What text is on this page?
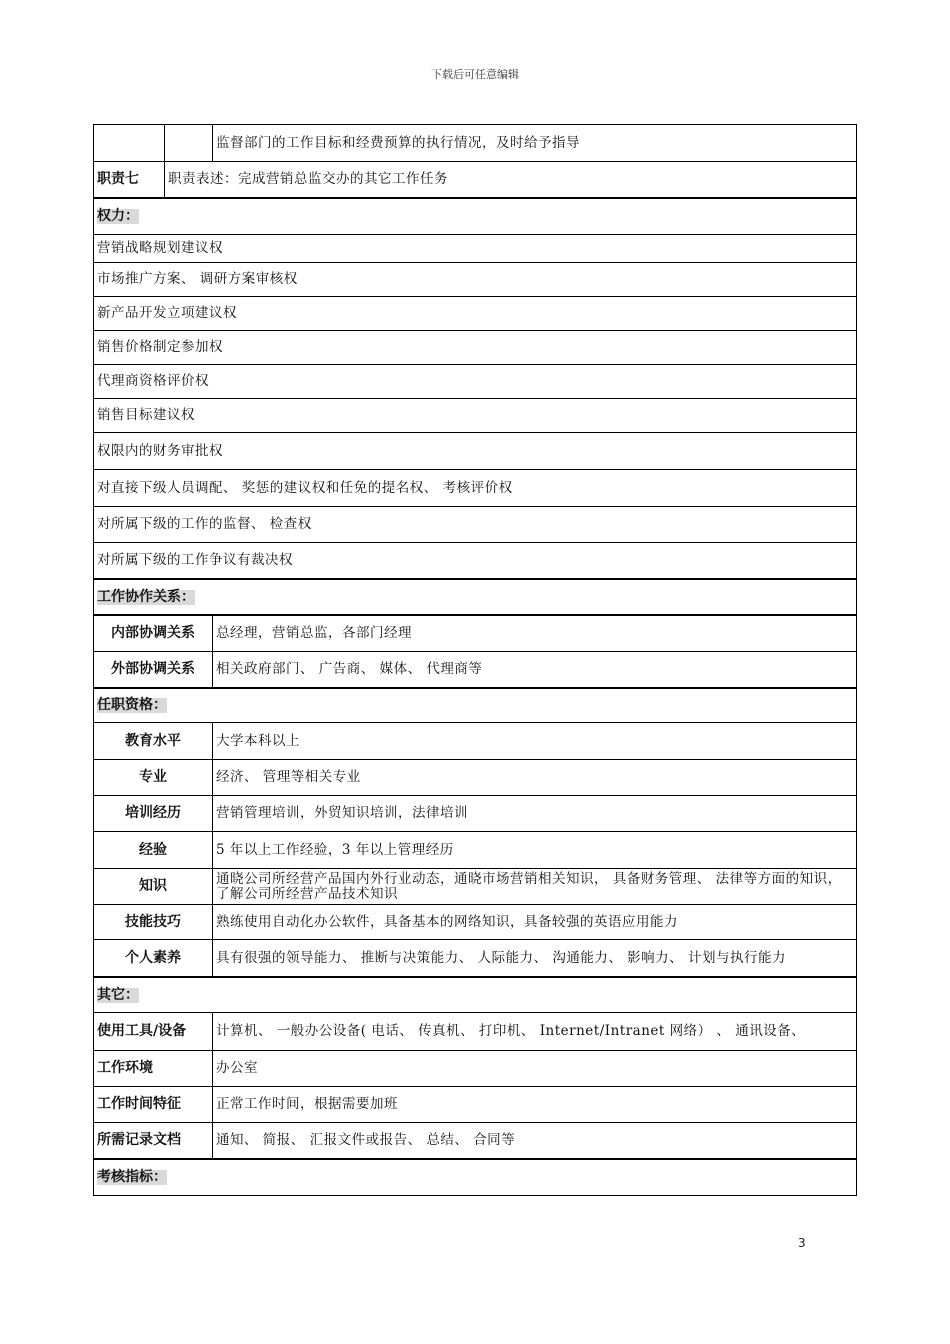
下载后可任意编辑
监督部门的工作目标和经费预算的执行情况，及时给予指导
职责七	职责表述：完成营销总监交办的其它工作任务
权力：
营销战略规划建议权
市场推广方案、 调研方案审核权
新产品开发立项建议权
销售价格制定参加权
代理商资格评价权
销售目标建议权
权限内的财务审批权
对直接下级人员调配、 奖惩的建议权和任免的提名权、 考核评价权
对所属下级的工作的监督、 检查权
对所属下级的工作争议有裁决权
工作协作关系：
内部协调关系	总经理，营销总监，各部门经理
外部协调关系	相关政府部门、 广告商、 媒体、 代理商等
任职资格：
教育水平	大学本科以上
专业	经济、 管理等相关专业
培训经历	营销管理培训，外贸知识培训，法律培训
经验	5 年以上工作经验，3 年以上管理经历
知识	通晓公司所经营产品国内外行业动态，通晓市场营销相关知识， 具备财务管理、 法律等方面的知识，了解公司所经营产品技术知识
技能技巧	熟练使用自动化办公软件，具备基本的网络知识，具备较强的英语应用能力
个人素养	具有很强的领导能力、 推断与决策能力、 人际能力、 沟通能力、 影响力、 计划与执行能力
其它：
使用工具/设备	计算机、 一般办公设备( 电话、 传真机、 打印机、 Internet/Intranet 网络） 、 通讯设备、
工作环境	办公室
工作时间特征	正常工作时间，根据需要加班
所需记录文档	通知、 简报、 汇报文件或报告、 总结、 合同等
考核指标：
3
